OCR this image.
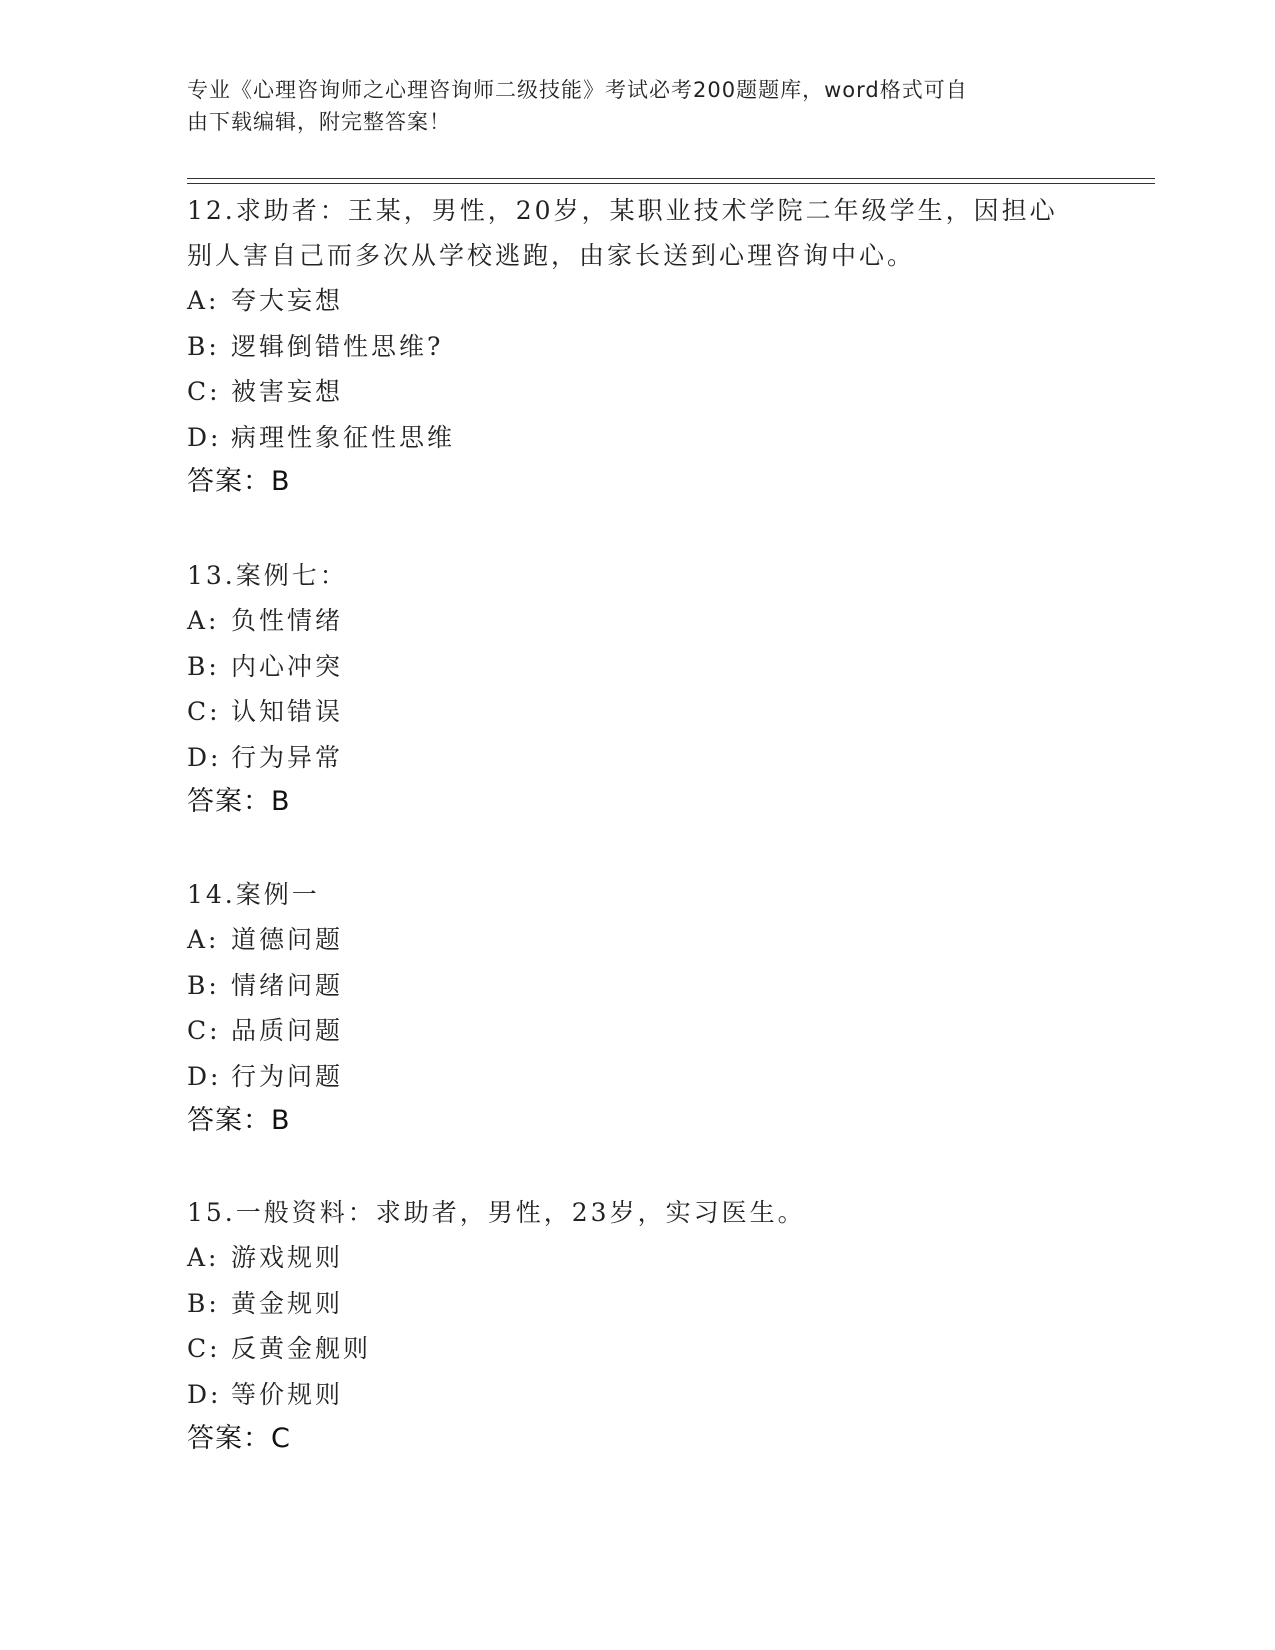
专业《心理咨询师之心理咨询师二级技能》考试必考200题题库，word格式可自
由下载编辑，附完整答案！

12.求助者：王某，男性，20岁，某职业技术学院二年级学生，因担心
别人害自己而多次从学校逃跑，由家长送到心理咨询中心。

A: 夸大妄想
B: 逻辑倒错性思维?
C: 被害妄想
D: 病理性象征性思维
答案：B

13.案例七：

A: 负性情绪
B: 内心冲突
C: 认知错误
D: 行为异常
答案：B

14.案例一

A: 道德问题
B: 情绪问题
C: 品质问题
D: 行为问题
答案：B

15.一般资料：求助者，男性，23岁，实习医生。

A: 游戏规则
B: 黄金规则
C: 反黄金舰则
D: 等价规则
答案：C
